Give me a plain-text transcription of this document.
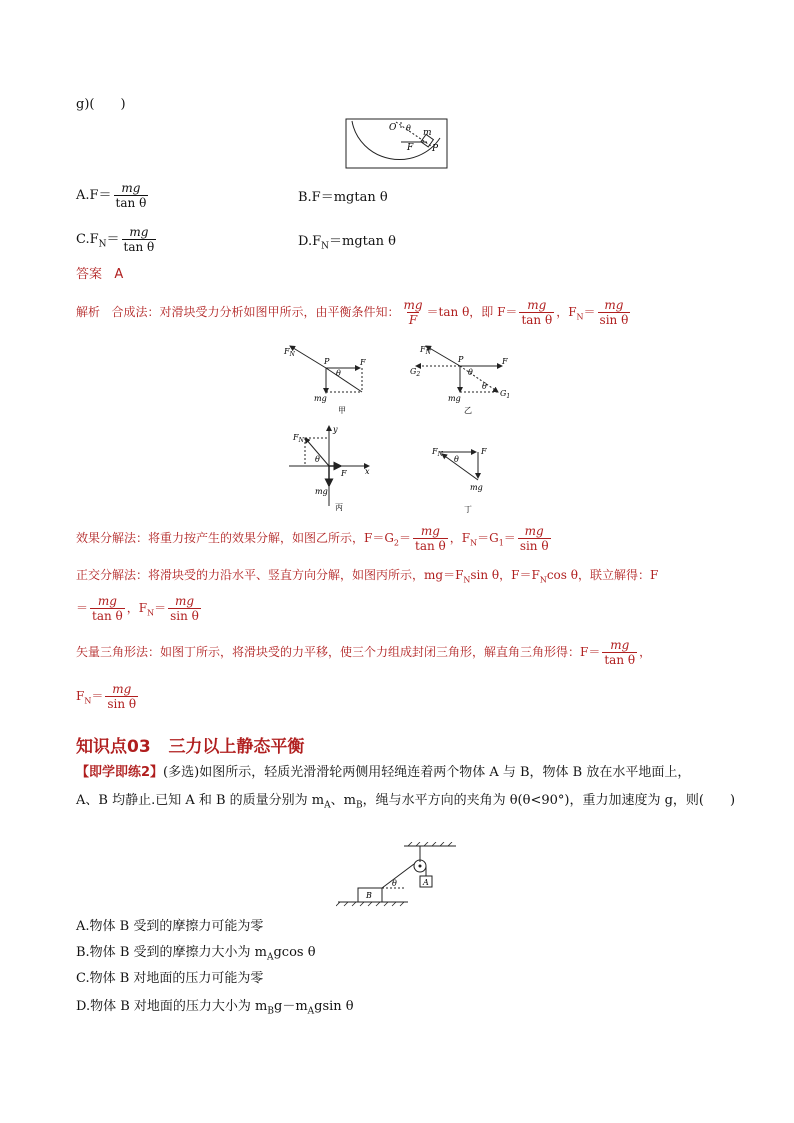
g)(　　)
O θ m
F P
$A.F= \frac{mg}{\text{tan θ}}$	B.F＝mgtan θ
$C.F_N= \frac{mg}{\text{tan θ}}$	$D.F_N=mgtan$ θ
答案 A
解析 合成法：对滑块受力分析如图甲所示，由平衡条件知： $\frac{mg}{F} =\tan$ θ，即 $F= \frac{mg}{\text{tan θ}}$ ，$F_N= \frac{mg}{\text{sin θ}}$
$F_N$
P	F
θ
mg
甲
$F_N$
P	F
$G_2$
$G_1$
θ
θ
mg
乙
$F_N$
y
x
θ
F
mg
丙
$F_N$
θ
F
mg
丁
效果分解法：将重力按产生的效果分解，如图乙所示，$F=G_2= \frac{mg}{\text{tan θ}}$ ，$F_N=G_1= \frac{mg}{\text{sin θ}}$
正交分解法：将滑块受的力沿水平、竖直方向分解，如图丙所示，$mg=F_N\sin$ θ，$F=F_N\cos$ θ，联立解得：F
＝ $\frac{mg}{\text{tan θ}}$ ，$F_N= \frac{mg}{\text{sin θ}}$
矢量三角形法：如图丁所示，将滑块受的力平移，使三个力组成封闭三角形，解直角三角形得：$F= \frac{mg}{\text{tan θ}}$ ，
$F_N= \frac{mg}{\text{sin θ}}$
知识点03 三力以上静态平衡
【即学即练2】(多选)如图所示，轻质光滑滑轮两侧用轻绳连着两个物体 A 与 B，物体 B 放在水平地面上，
A、B 均静止.已知 A 和 B 的质量分别为 $m_A$、$m_B$，绳与水平方向的夹角为 θ(θ<90°)，重力加速度为 g，则(　　)
A
B
θ
A.物体 B 受到的摩擦力可能为零
B.物体 B 受到的摩擦力大小为 $m_Agcos$ θ
C.物体 B 对地面的压力可能为零
D.物体 B 对地面的压力大小为 $m_Bg-m_Agsin$ θ
